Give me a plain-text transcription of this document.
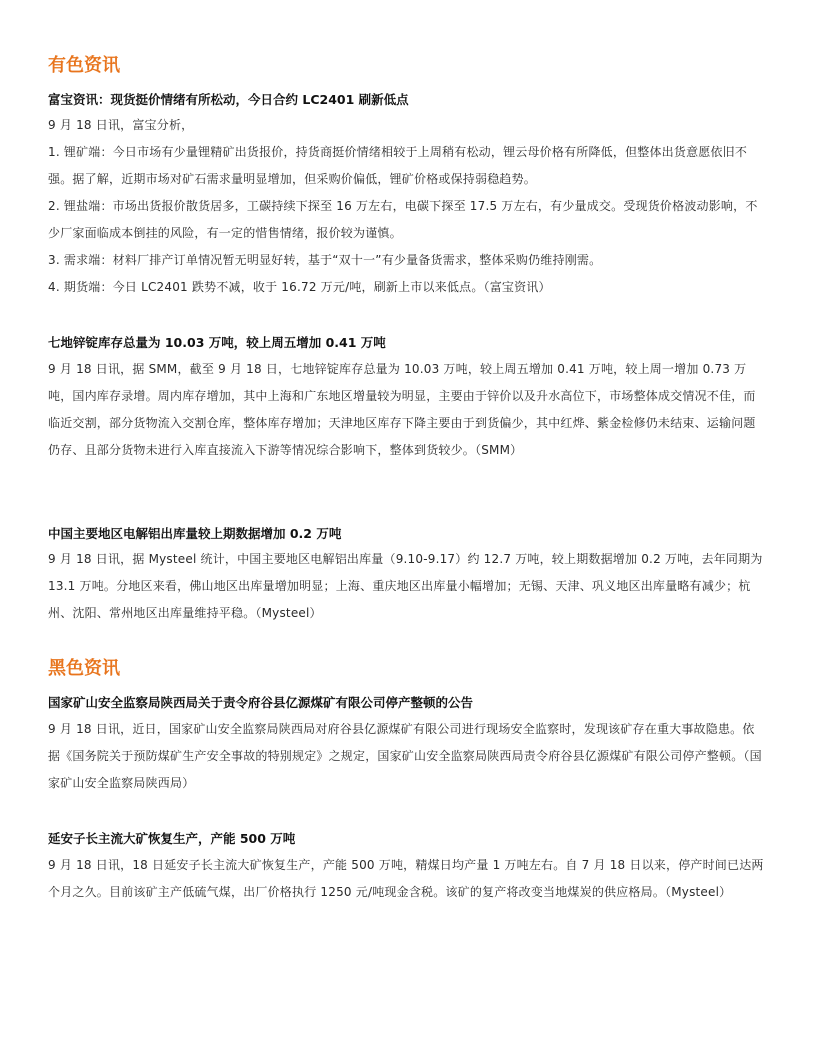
有色资讯
富宝资讯：现货挺价情绪有所松动，今日合约 LC2401 刷新低点

9 月 18 日讯，富宝分析，

1. 锂矿端：今日市场有少量锂精矿出货报价，持货商挺价情绪相较于上周稍有松动，锂云母价格有所降低，但整体出货意愿依旧不强。据了解，近期市场对矿石需求量明显增加，但采购价偏低，锂矿价格或保持弱稳趋势。

2. 锂盐端：市场出货报价散货居多，工碳持续下探至 16 万左右，电碳下探至 17.5 万左右，有少量成交。受现货价格波动影响，不少厂家面临成本倒挂的风险，有一定的惜售情绪，报价较为谨慎。

3. 需求端：材料厂排产订单情况暂无明显好转，基于“双十一”有少量备货需求，整体采购仍维持刚需。

4. 期货端：今日 LC2401 跌势不减，收于 16.72 万元/吨，刷新上市以来低点。（富宝资讯）

七地锌锭库存总量为 10.03 万吨，较上周五增加 0.41 万吨

9 月 18 日讯，据 SMM，截至 9 月 18 日，七地锌锭库存总量为 10.03 万吨，较上周五增加 0.41 万吨，较上周一增加 0.73 万吨，国内库存录增。周内库存增加，其中上海和广东地区增量较为明显，主要由于锌价以及升水高位下，市场整体成交情况不佳，而临近交割，部分货物流入交割仓库，整体库存增加；天津地区库存下降主要由于到货偏少，其中红烨、紫金检修仍未结束、运输问题仍存、且部分货物未进行入库直接流入下游等情况综合影响下，整体到货较少。（SMM）

中国主要地区电解铝出库量较上期数据增加 0.2 万吨

9 月 18 日讯，据 Mysteel 统计，中国主要地区电解铝出库量（9.10-9.17）约 12.7 万吨，较上期数据增加 0.2 万吨，去年同期为 13.1 万吨。分地区来看，佛山地区出库量增加明显；上海、重庆地区出库量小幅增加；无锡、天津、巩义地区出库量略有减少；杭州、沈阳、常州地区出库量维持平稳。（Mysteel）

黑色资讯
国家矿山安全监察局陕西局关于责令府谷县亿源煤矿有限公司停产整顿的公告

9 月 18 日讯，近日，国家矿山安全监察局陕西局对府谷县亿源煤矿有限公司进行现场安全监察时，发现该矿存在重大事故隐患。依据《国务院关于预防煤矿生产安全事故的特别规定》之规定，国家矿山安全监察局陕西局责令府谷县亿源煤矿有限公司停产整顿。（国家矿山安全监察局陕西局）

延安子长主流大矿恢复生产，产能 500 万吨

9 月 18 日讯，18 日延安子长主流大矿恢复生产，产能 500 万吨，精煤日均产量 1 万吨左右。自 7 月 18 日以来，停产时间已达两个月之久。目前该矿主产低硫气煤，出厂价格执行 1250 元/吨现金含税。该矿的复产将改变当地煤炭的供应格局。（Mysteel）
